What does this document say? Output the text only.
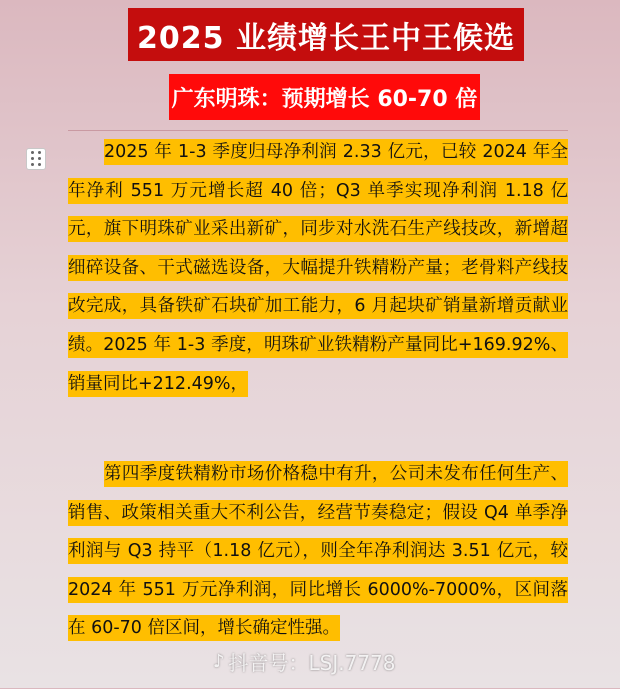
2025 业绩增长王中王候选
广东明珠：预期增长 60-70 倍

2025 年 1-3 季度归母净利润 2.33 亿元，已较 2024 年全年净利 551 万元增长超 40 倍；Q3 单季实现净利润 1.18 亿元，旗下明珠矿业采出新矿，同步对水洗石生产线技改，新增超细碎设备、干式磁选设备，大幅提升铁精粉产量；老骨料产线技改完成，具备铁矿石块矿加工能力，6 月起块矿销量新增贡献业绩。2025 年 1-3 季度，明珠矿业铁精粉产量同比+169.92%、销量同比+212.49%，

第四季度铁精粉市场价格稳中有升，公司未发布任何生产、销售、政策相关重大不利公告，经营节奏稳定；假设 Q4 单季净利润与 Q3 持平（1.18 亿元），则全年净利润达 3.51 亿元，较 2024 年 551 万元净利润，同比增长 6000%-7000%，区间落在 60-70 倍区间，增长确定性强。

♪ 抖音号：LSJ.7778
